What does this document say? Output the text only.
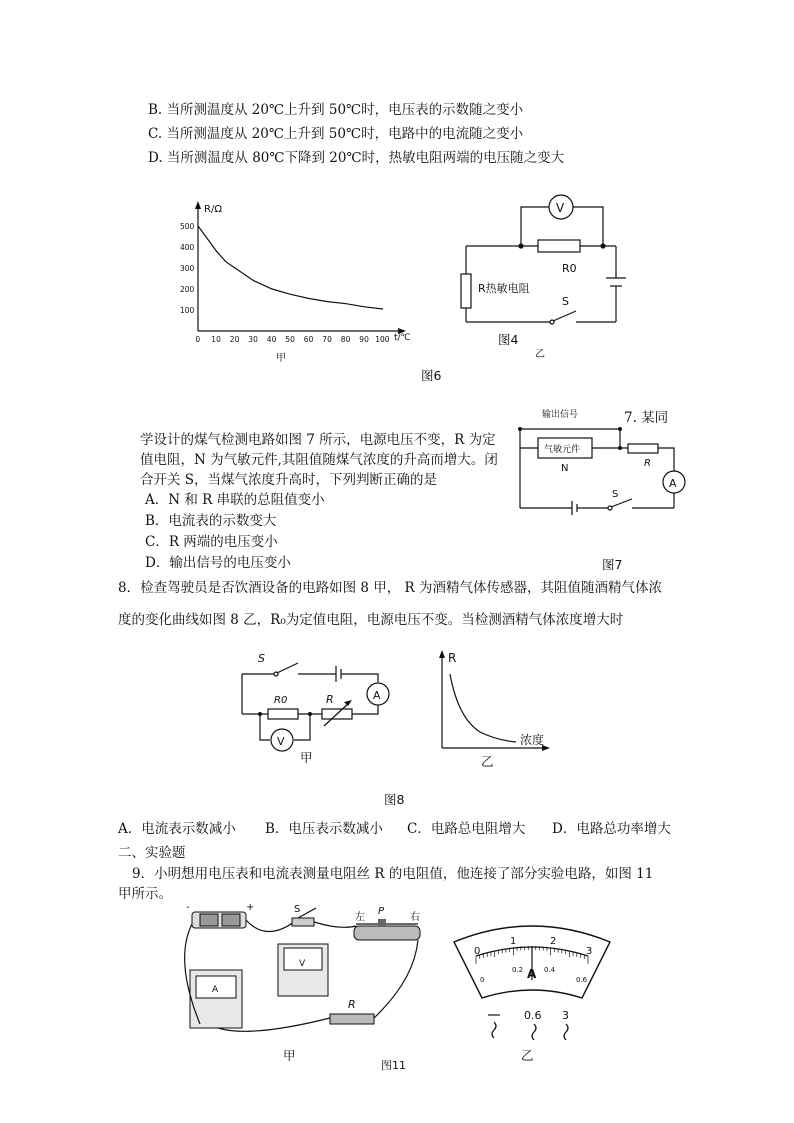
B. 当所测温度从 20℃上升到 50℃时，电压表的示数随之变小
C. 当所测温度从 20℃上升到 50℃时，电路中的电流随之变小
D. 当所测温度从 80℃下降到 20℃时，热敏电阻两端的电压随之变大
R/Ω
t/℃
0 10 20 30 40 50 60 70 80 90 100
100
200
300
400
500
甲
V
R0
R热敏电阻
S
图4
乙
图6
7. 某同
学设计的煤气检测电路如图 7 所示，电源电压不变，R 为定
值电阻，N 为气敏元件,其阻值随煤气浓度的升高而增大。闭
合开关 S，当煤气浓度升高时，下列判断正确的是
A．N 和 R 串联的总阻值变小
B．电流表的示数变大
C．R 两端的电压变小
D．输出信号的电压变小
输出信号
气敏元件
N	R
A
S
图7
8．检查驾驶员是否饮酒设备的电路如图 8 甲， R 为酒精气体传感器，其阻值随酒精气体浓
度的变化曲线如图 8 乙，R₀为定值电阻，电源电压不变。当检测酒精气体浓度增大时
S
A
R0	R
V
甲
R
浓度
乙
图8
A．电流表示数减小 B．电压表示数减小 C．电路总电阻增大 D．电路总功率增大
二、实验题
9．小明想用电压表和电流表测量电阻丝 R 的电阻值，他连接了部分实验电路，如图 11
甲所示。
-	+	S
左
P
右
V
A
R
甲
图11
0
1	2
3
0
0.2	0.4
0.6
A
0.6 3
乙
